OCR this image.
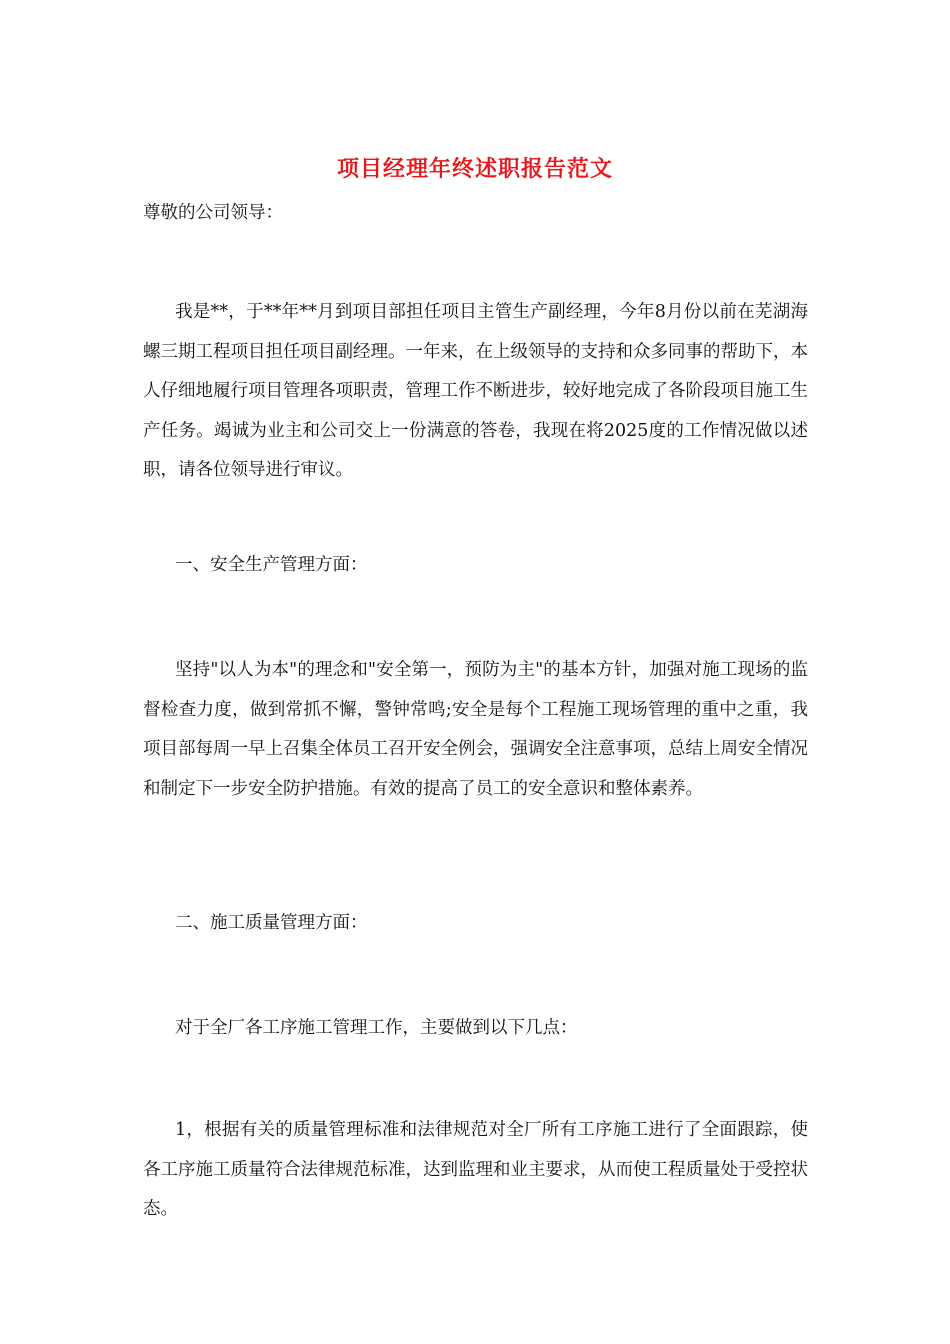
项目经理年终述职报告范文

尊敬的公司领导：

我是**，于**年**月到项目部担任项目主管生产副经理，今年8月份以前在芜湖海螺三期工程项目担任项目副经理。一年来，在上级领导的支持和众多同事的帮助下，本人仔细地履行项目管理各项职责，管理工作不断进步，较好地完成了各阶段项目施工生产任务。竭诚为业主和公司交上一份满意的答卷，我现在将2025度的工作情况做以述职，请各位领导进行审议。

一、安全生产管理方面：

坚持"以人为本"的理念和"安全第一，预防为主"的基本方针，加强对施工现场的监督检查力度，做到常抓不懈，警钟常鸣;安全是每个工程施工现场管理的重中之重，我项目部每周一早上召集全体员工召开安全例会，强调安全注意事项，总结上周安全情况和制定下一步安全防护措施。有效的提高了员工的安全意识和整体素养。

二、施工质量管理方面：

对于全厂各工序施工管理工作，主要做到以下几点：

1，根据有关的质量管理标准和法律规范对全厂所有工序施工进行了全面跟踪，使各工序施工质量符合法律规范标准，达到监理和业主要求，从而使工程质量处于受控状态。
